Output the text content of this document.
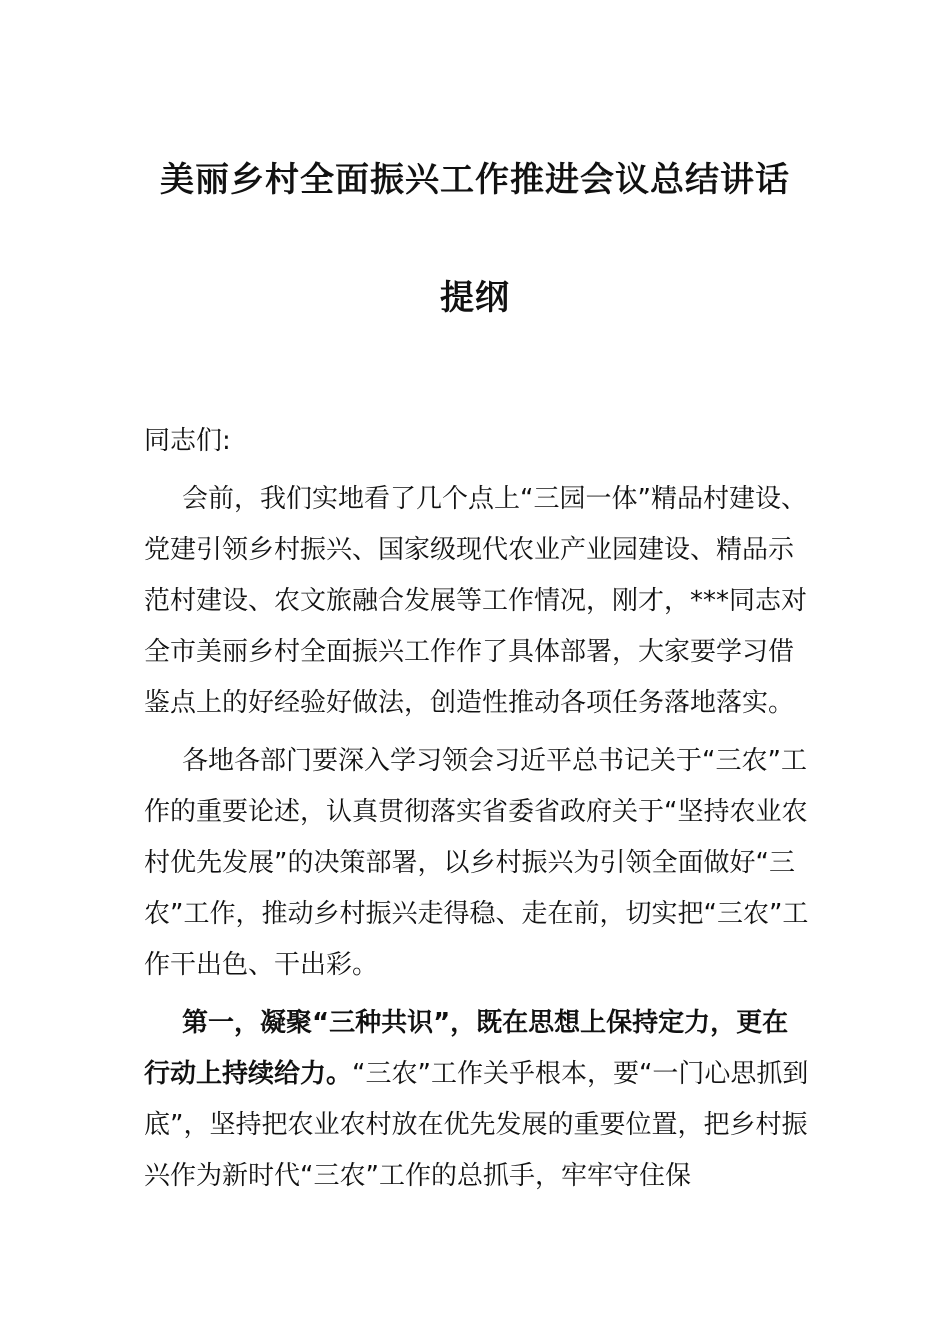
美丽乡村全面振兴工作推进会议总结讲话
提纲
同志们:
会前，我们实地看了几个点上“三园一体”精品村建设、党建引领乡村振兴、国家级现代农业产业园建设、精品示范村建设、农文旅融合发展等工作情况，刚才，***同志对全市美丽乡村全面振兴工作作了具体部署，大家要学习借鉴点上的好经验好做法，创造性推动各项任务落地落实。
各地各部门要深入学习领会习近平总书记关于“三农”工作的重要论述，认真贯彻落实省委省政府关于“坚持农业农村优先发展”的决策部署，以乡村振兴为引领全面做好“三农”工作，推动乡村振兴走得稳、走在前，切实把“三农”工作干出色、干出彩。
第一，凝聚“三种共识”，既在思想上保持定力，更在行动上持续给力。“三农”工作关乎根本，要“一门心思抓到底”，坚持把农业农村放在优先发展的重要位置，把乡村振兴作为新时代“三农”工作的总抓手，牢牢守住保
